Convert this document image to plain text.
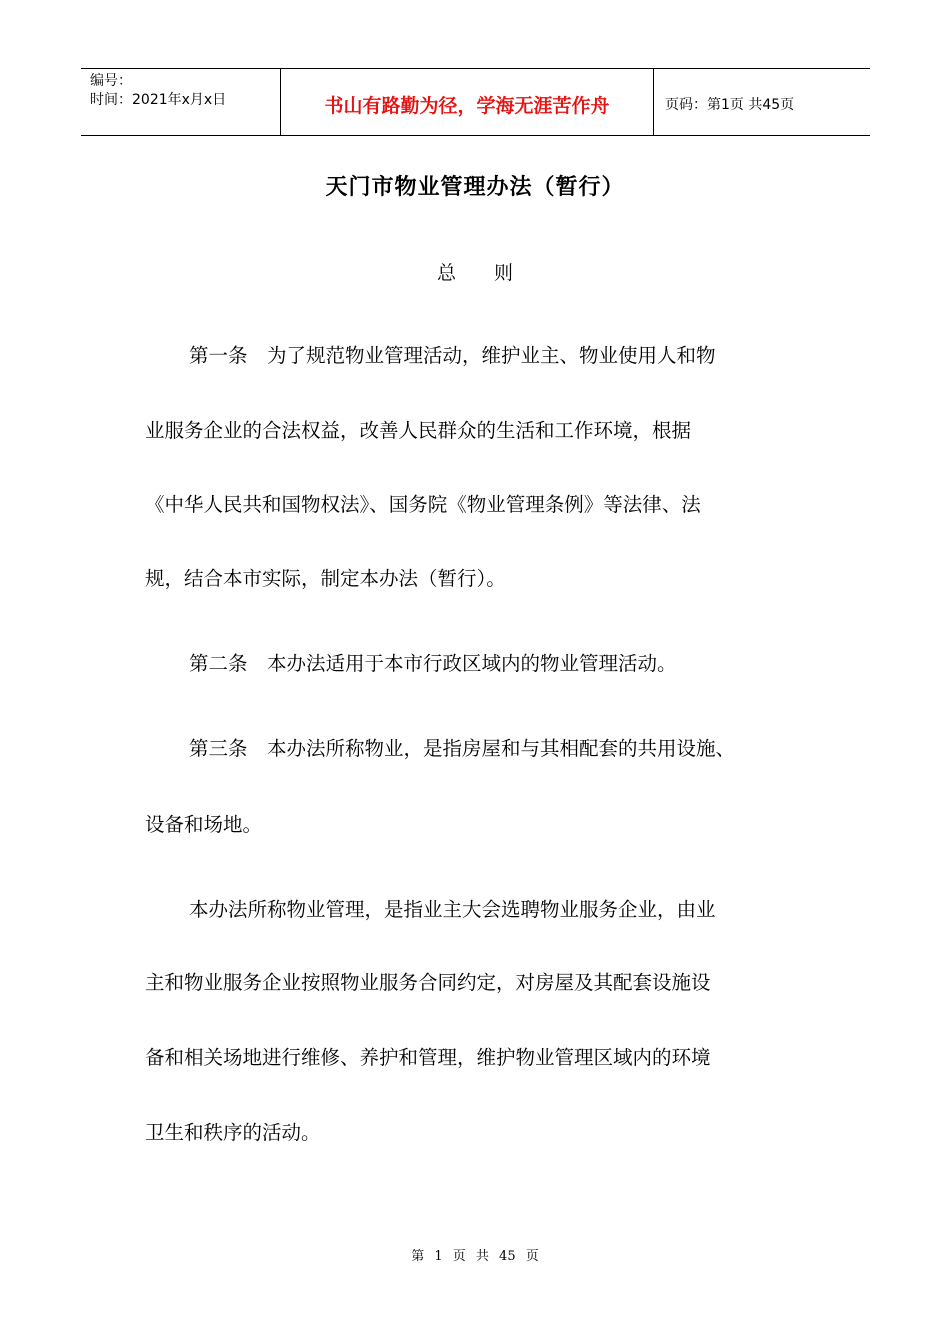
编号：
时间：2021年x月x日	书山有路勤为径，学海无涯苦作舟	页码：第1页 共45页
天门市物业管理办法（暂行）
总 则
第一条　为了规范物业管理活动，维护业主、物业使用人和物
业服务企业的合法权益，改善人民群众的生活和工作环境，根据
《中华人民共和国物权法》、国务院《物业管理条例》等法律、法
规，结合本市实际，制定本办法（暂行）。
第二条　本办法适用于本市行政区域内的物业管理活动。
第三条　本办法所称物业，是指房屋和与其相配套的共用设施、
设备和场地。
本办法所称物业管理，是指业主大会选聘物业服务企业，由业
主和物业服务企业按照物业服务合同约定，对房屋及其配套设施设
备和相关场地进行维修、养护和管理，维护物业管理区域内的环境
卫生和秩序的活动。
第 1 页 共 45 页
